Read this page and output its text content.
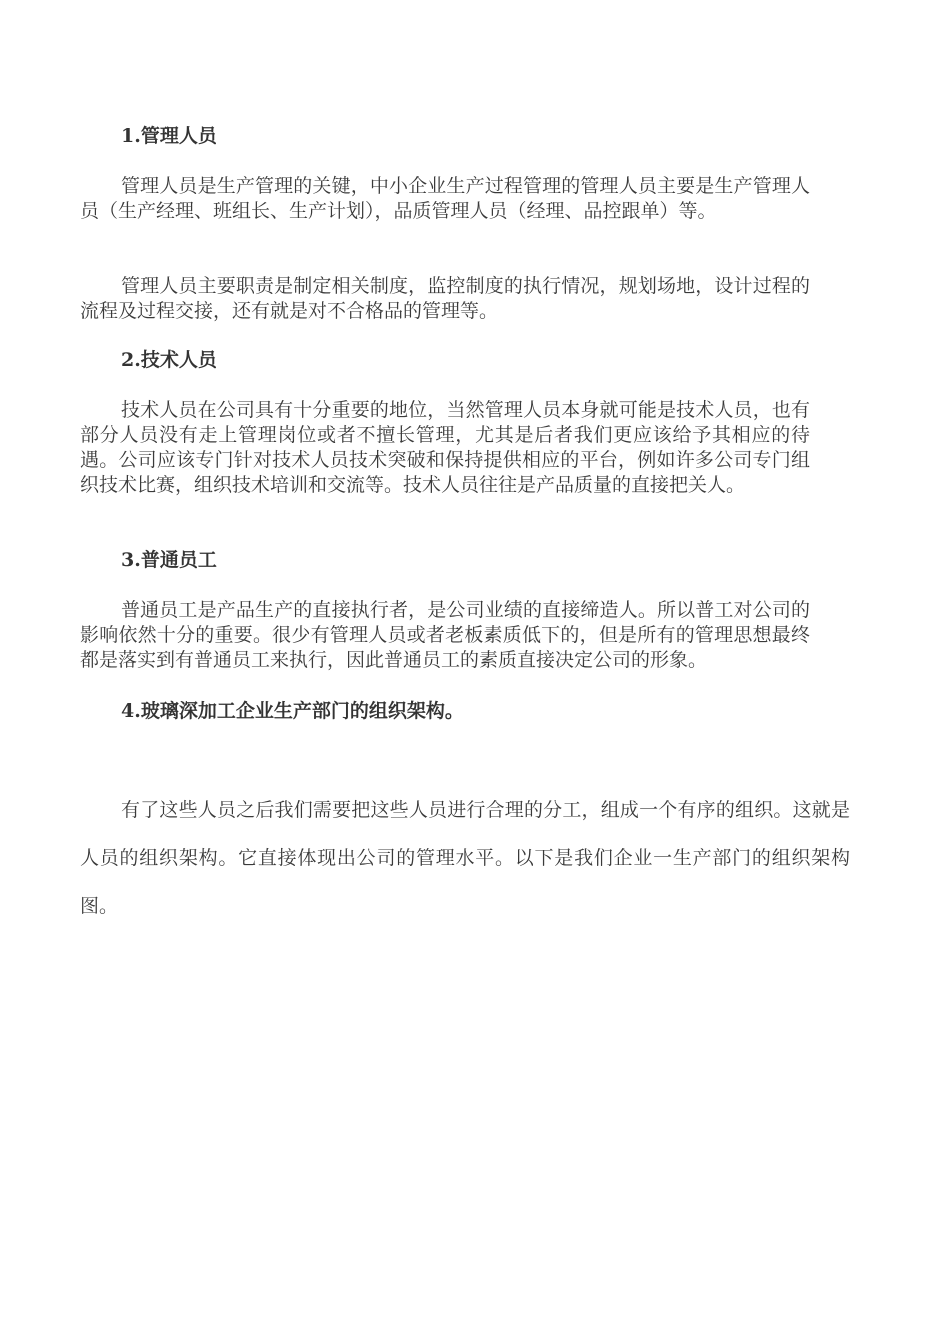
1.管理人员

管理人员是生产管理的关键，中小企业生产过程管理的管理人员主要是生产管理人员（生产经理、班组长、生产计划），品质管理人员（经理、品控跟单）等。

管理人员主要职责是制定相关制度，监控制度的执行情况，规划场地，设计过程的流程及过程交接，还有就是对不合格品的管理等。

2.技术人员

技术人员在公司具有十分重要的地位，当然管理人员本身就可能是技术人员，也有部分人员没有走上管理岗位或者不擅长管理，尤其是后者我们更应该给予其相应的待遇。公司应该专门针对技术人员技术突破和保持提供相应的平台，例如许多公司专门组织技术比赛，组织技术培训和交流等。技术人员往往是产品质量的直接把关人。

3.普通员工

普通员工是产品生产的直接执行者，是公司业绩的直接缔造人。所以普工对公司的影响依然十分的重要。很少有管理人员或者老板素质低下的，但是所有的管理思想最终都是落实到有普通员工来执行，因此普通员工的素质直接决定公司的形象。

4.玻璃深加工企业生产部门的组织架构。

有了这些人员之后我们需要把这些人员进行合理的分工，组成一个有序的组织。这就是人员的组织架构。它直接体现出公司的管理水平。以下是我们企业一生产部门的组织架构图。
